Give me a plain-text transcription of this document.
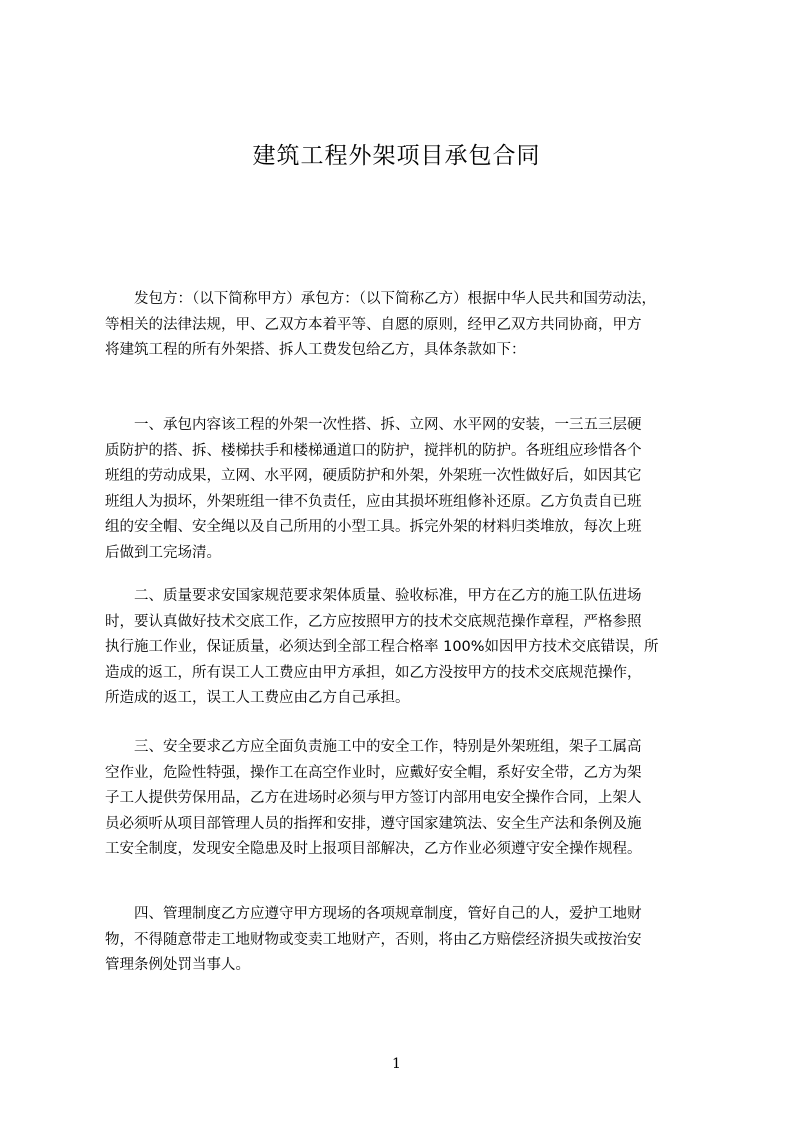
建筑工程外架项目承包合同
发包方：（以下简称甲方）承包方：（以下简称乙方）根据中华人民共和国劳动法，
等相关的法律法规，甲、乙双方本着平等、自愿的原则，经甲乙双方共同协商，甲方
将建筑工程的所有外架搭、拆人工费发包给乙方，具体条款如下：
一、承包内容该工程的外架一次性搭、拆、立网、水平网的安装，一三五三层硬
质防护的搭、拆、楼梯扶手和楼梯通道口的防护，搅拌机的防护。各班组应珍惜各个
班组的劳动成果，立网、水平网，硬质防护和外架，外架班一次性做好后，如因其它
班组人为损坏，外架班组一律不负责任，应由其损坏班组修补还原。乙方负责自已班
组的安全帽、安全绳以及自己所用的小型工具。拆完外架的材料归类堆放，每次上班
后做到工完场清。
二、质量要求安国家规范要求架体质量、验收标准，甲方在乙方的施工队伍进场
时，要认真做好技术交底工作，乙方应按照甲方的技术交底规范操作章程，严格参照
执行施工作业，保证质量，必须达到全部工程合格率 100%如因甲方技术交底错误，所
造成的返工，所有误工人工费应由甲方承担，如乙方没按甲方的技术交底规范操作，
所造成的返工，误工人工费应由乙方自己承担。
三、安全要求乙方应全面负责施工中的安全工作，特别是外架班组，架子工属高
空作业，危险性特强，操作工在高空作业时，应戴好安全帽，系好安全带，乙方为架
子工人提供劳保用品，乙方在进场时必须与甲方签订内部用电安全操作合同，上架人
员必须听从项目部管理人员的指挥和安排，遵守国家建筑法、安全生产法和条例及施
工安全制度，发现安全隐患及时上报项目部解决，乙方作业必须遵守安全操作规程。
四、管理制度乙方应遵守甲方现场的各项规章制度，管好自己的人，爱护工地财
物，不得随意带走工地财物或变卖工地财产，否则，将由乙方赔偿经济损失或按治安
管理条例处罚当事人。
1
